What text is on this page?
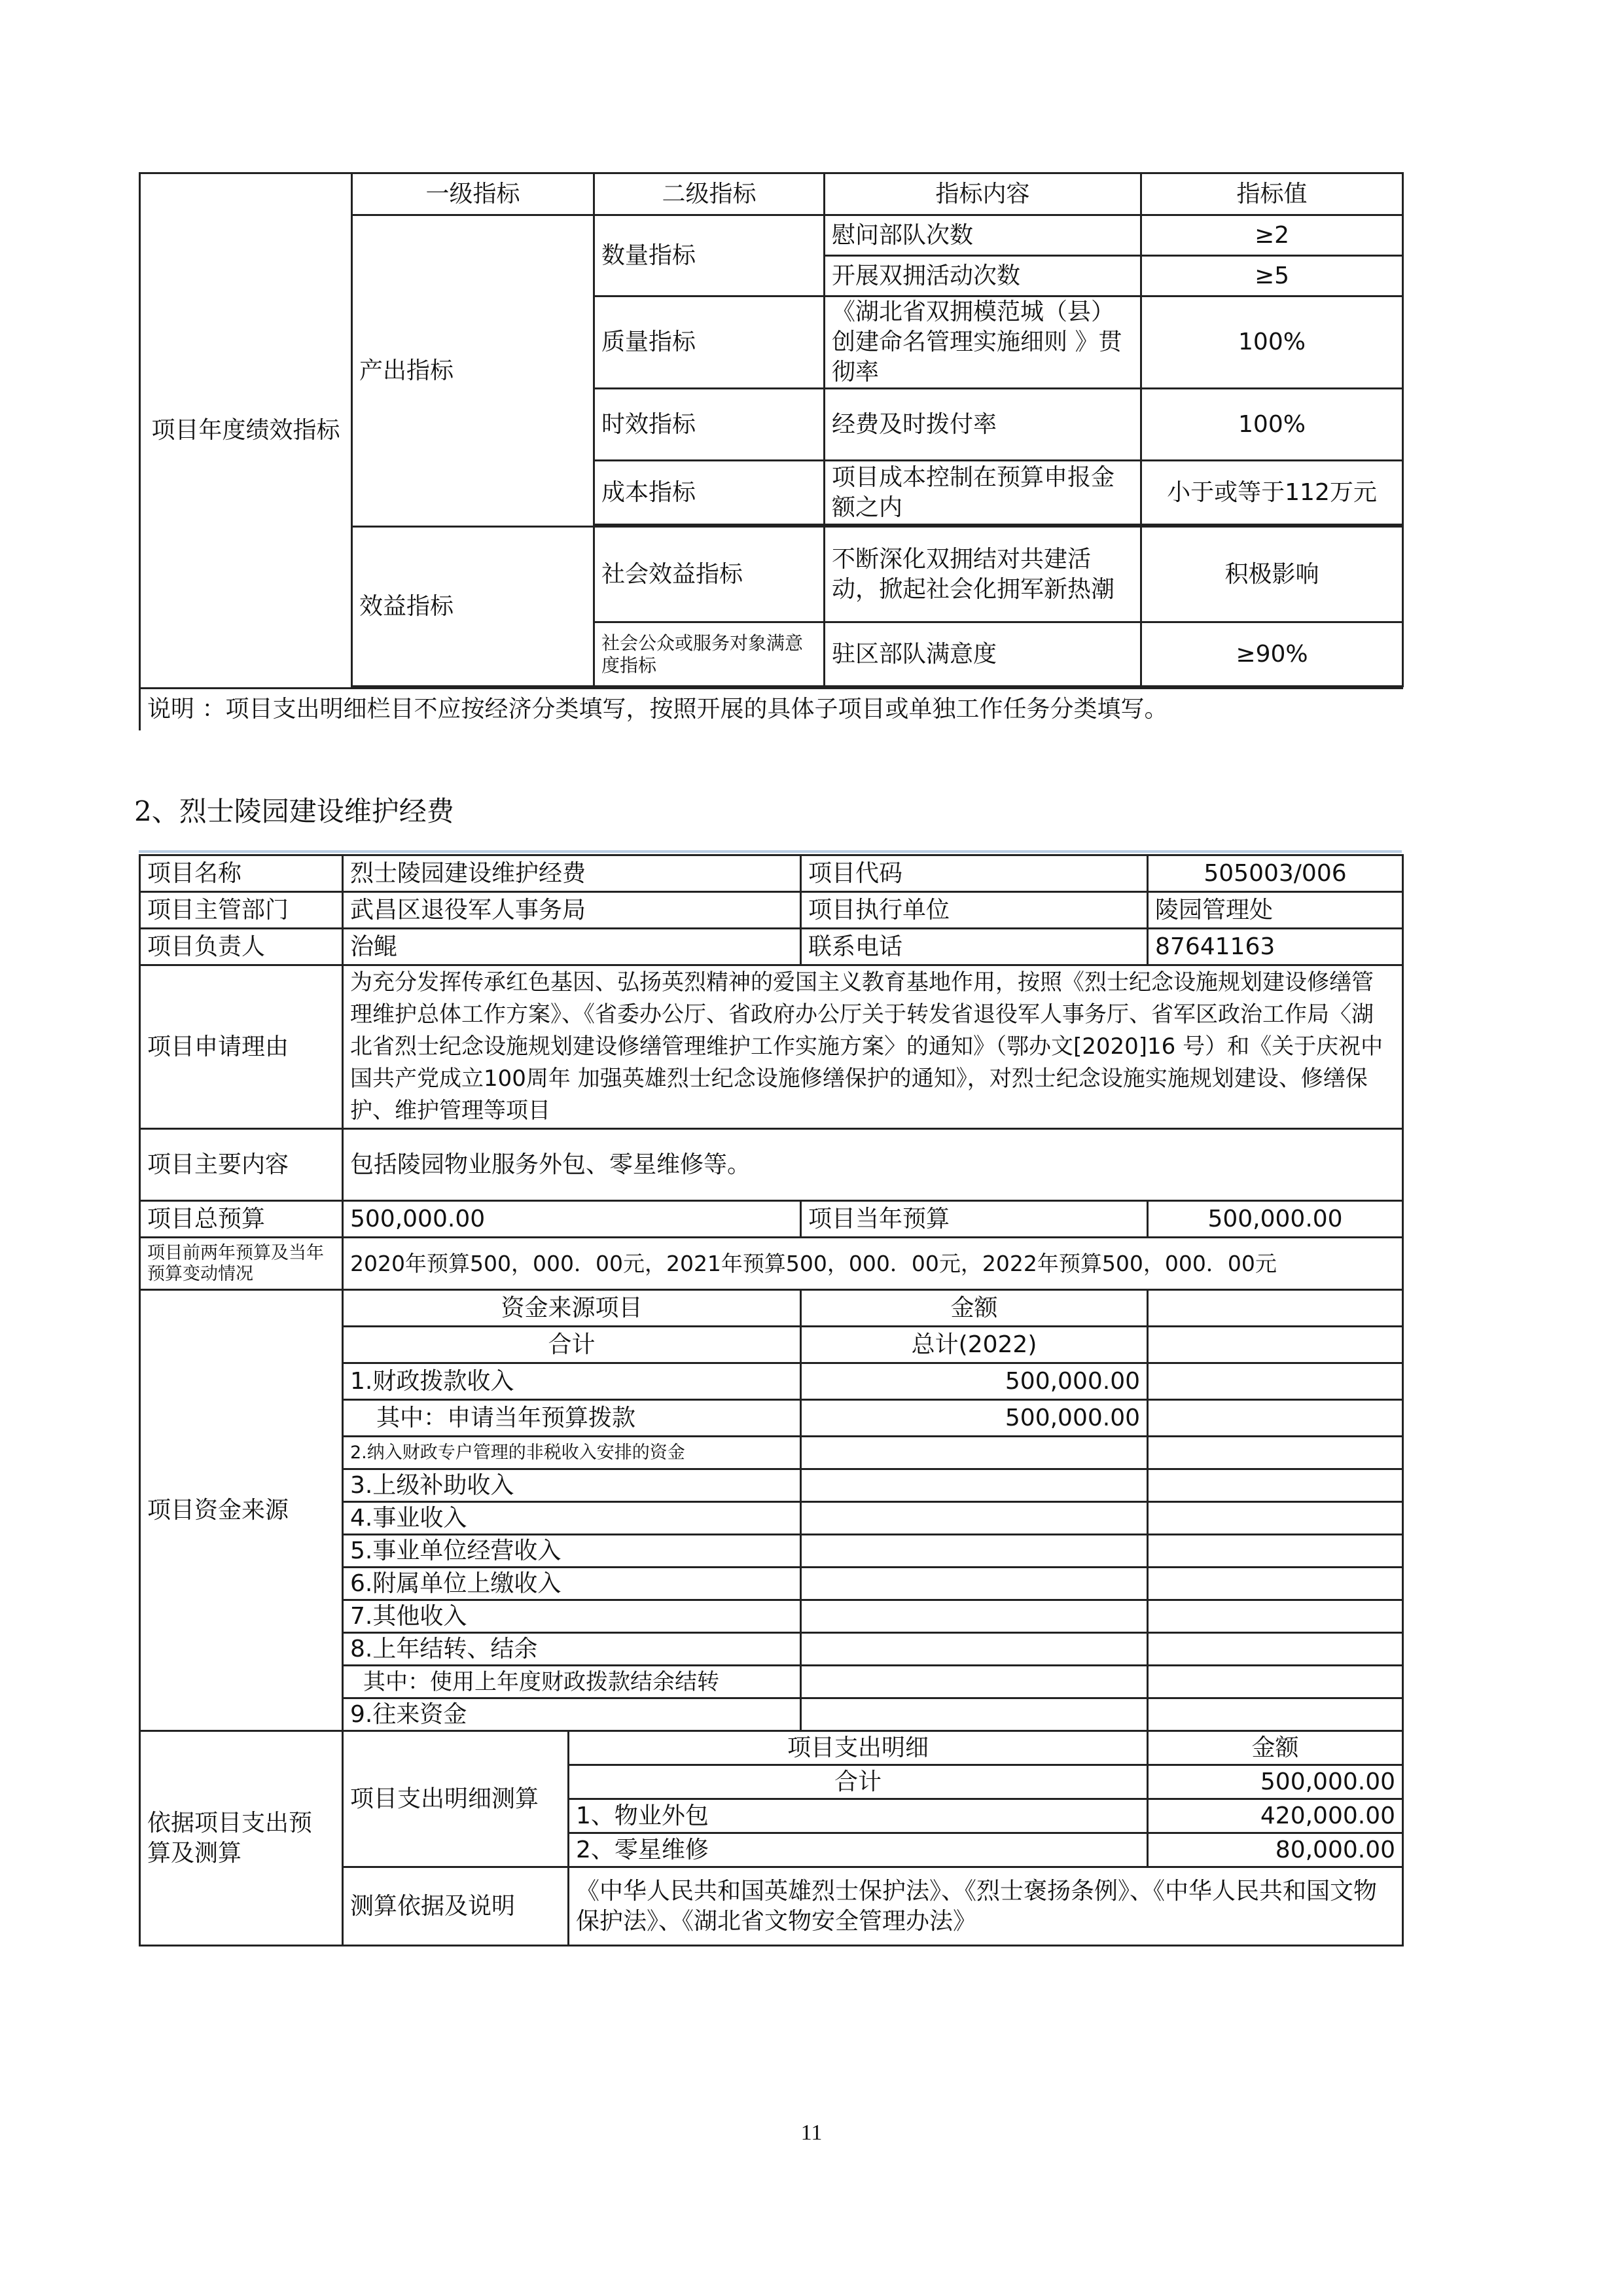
项目年度绩效指标	一级指标	二级指标	指标内容	指标值
	产出指标	数量指标	慰问部队次数	≥2
			开展双拥活动次数	≥5
		质量指标	《湖北省双拥模范城（县）创建命名管理实施细则 》贯彻率	100%
		时效指标	经费及时拨付率	100%
		成本指标	项目成本控制在预算申报金额之内	小于或等于112万元

	效益指标	社会效益指标	不断深化双拥结对共建活动，掀起社会化拥军新热潮	积极影响
		社会公众或服务对象满意度指标	驻区部队满意度	≥90%

说明 ：项目支出明细栏目不应按经济分类填写，按照开展的具体子项目或单独工作任务分类填写。				
2、烈士陵园建设维护经费
项目名称	烈士陵园建设维护经费		项目代码	505003/006
项目主管部门	武昌区退役军人事务局		项目执行单位	陵园管理处
项目负责人	治鲲		联系电话	87641163
项目申请理由	为充分发挥传承红色基因、弘扬英烈精神的爱国主义教育基地作用，按照《烈士纪念设施规划建设修缮管理维护总体工作方案》、《省委办公厅、省政府办公厅关于转发省退役军人事务厅、省军区政治工作局〈湖北省烈士纪念设施规划建设修缮管理维护工作实施方案〉的通知》（鄂办文[2020]16 号）和《关于庆祝中国共产党成立100周年 加强英雄烈士纪念设施修缮保护的通知》，对烈士纪念设施实施规划建设、修缮保护、维护管理等项目			
项目主要内容	包括陵园物业服务外包、零星维修等。			
项目总预算	500,000.00		项目当年预算	500,000.00
项目前两年预算及当年预算变动情况	2020年预算500，000．00元，2021年预算500，000．00元，2022年预算500，000．00元			
项目资金来源	资金来源项目		金额	
	合计		总计(2022)	
	1.财政拨款收入		500,000.00	
	其中：申请当年预算拨款		500,000.00	
	2.纳入财政专户管理的非税收入安排的资金			
	3.上级补助收入			
	4.事业收入			
	5.事业单位经营收入			
	6.附属单位上缴收入			
	7.其他收入			
	8.上年结转、结余			
	其中：使用上年度财政拨款结余结转			
	9.往来资金			
依据项目支出预算及测算	项目支出明细测算	项目支出明细		金额
		合计		500,000.00
		1、物业外包		420,000.00
		2、零星维修		80,000.00
	测算依据及说明	《中华人民共和国英雄烈士保护法》、《烈士褒扬条例》、《中华人民共和国文物保护法》、《湖北省文物安全管理办法》		
11
